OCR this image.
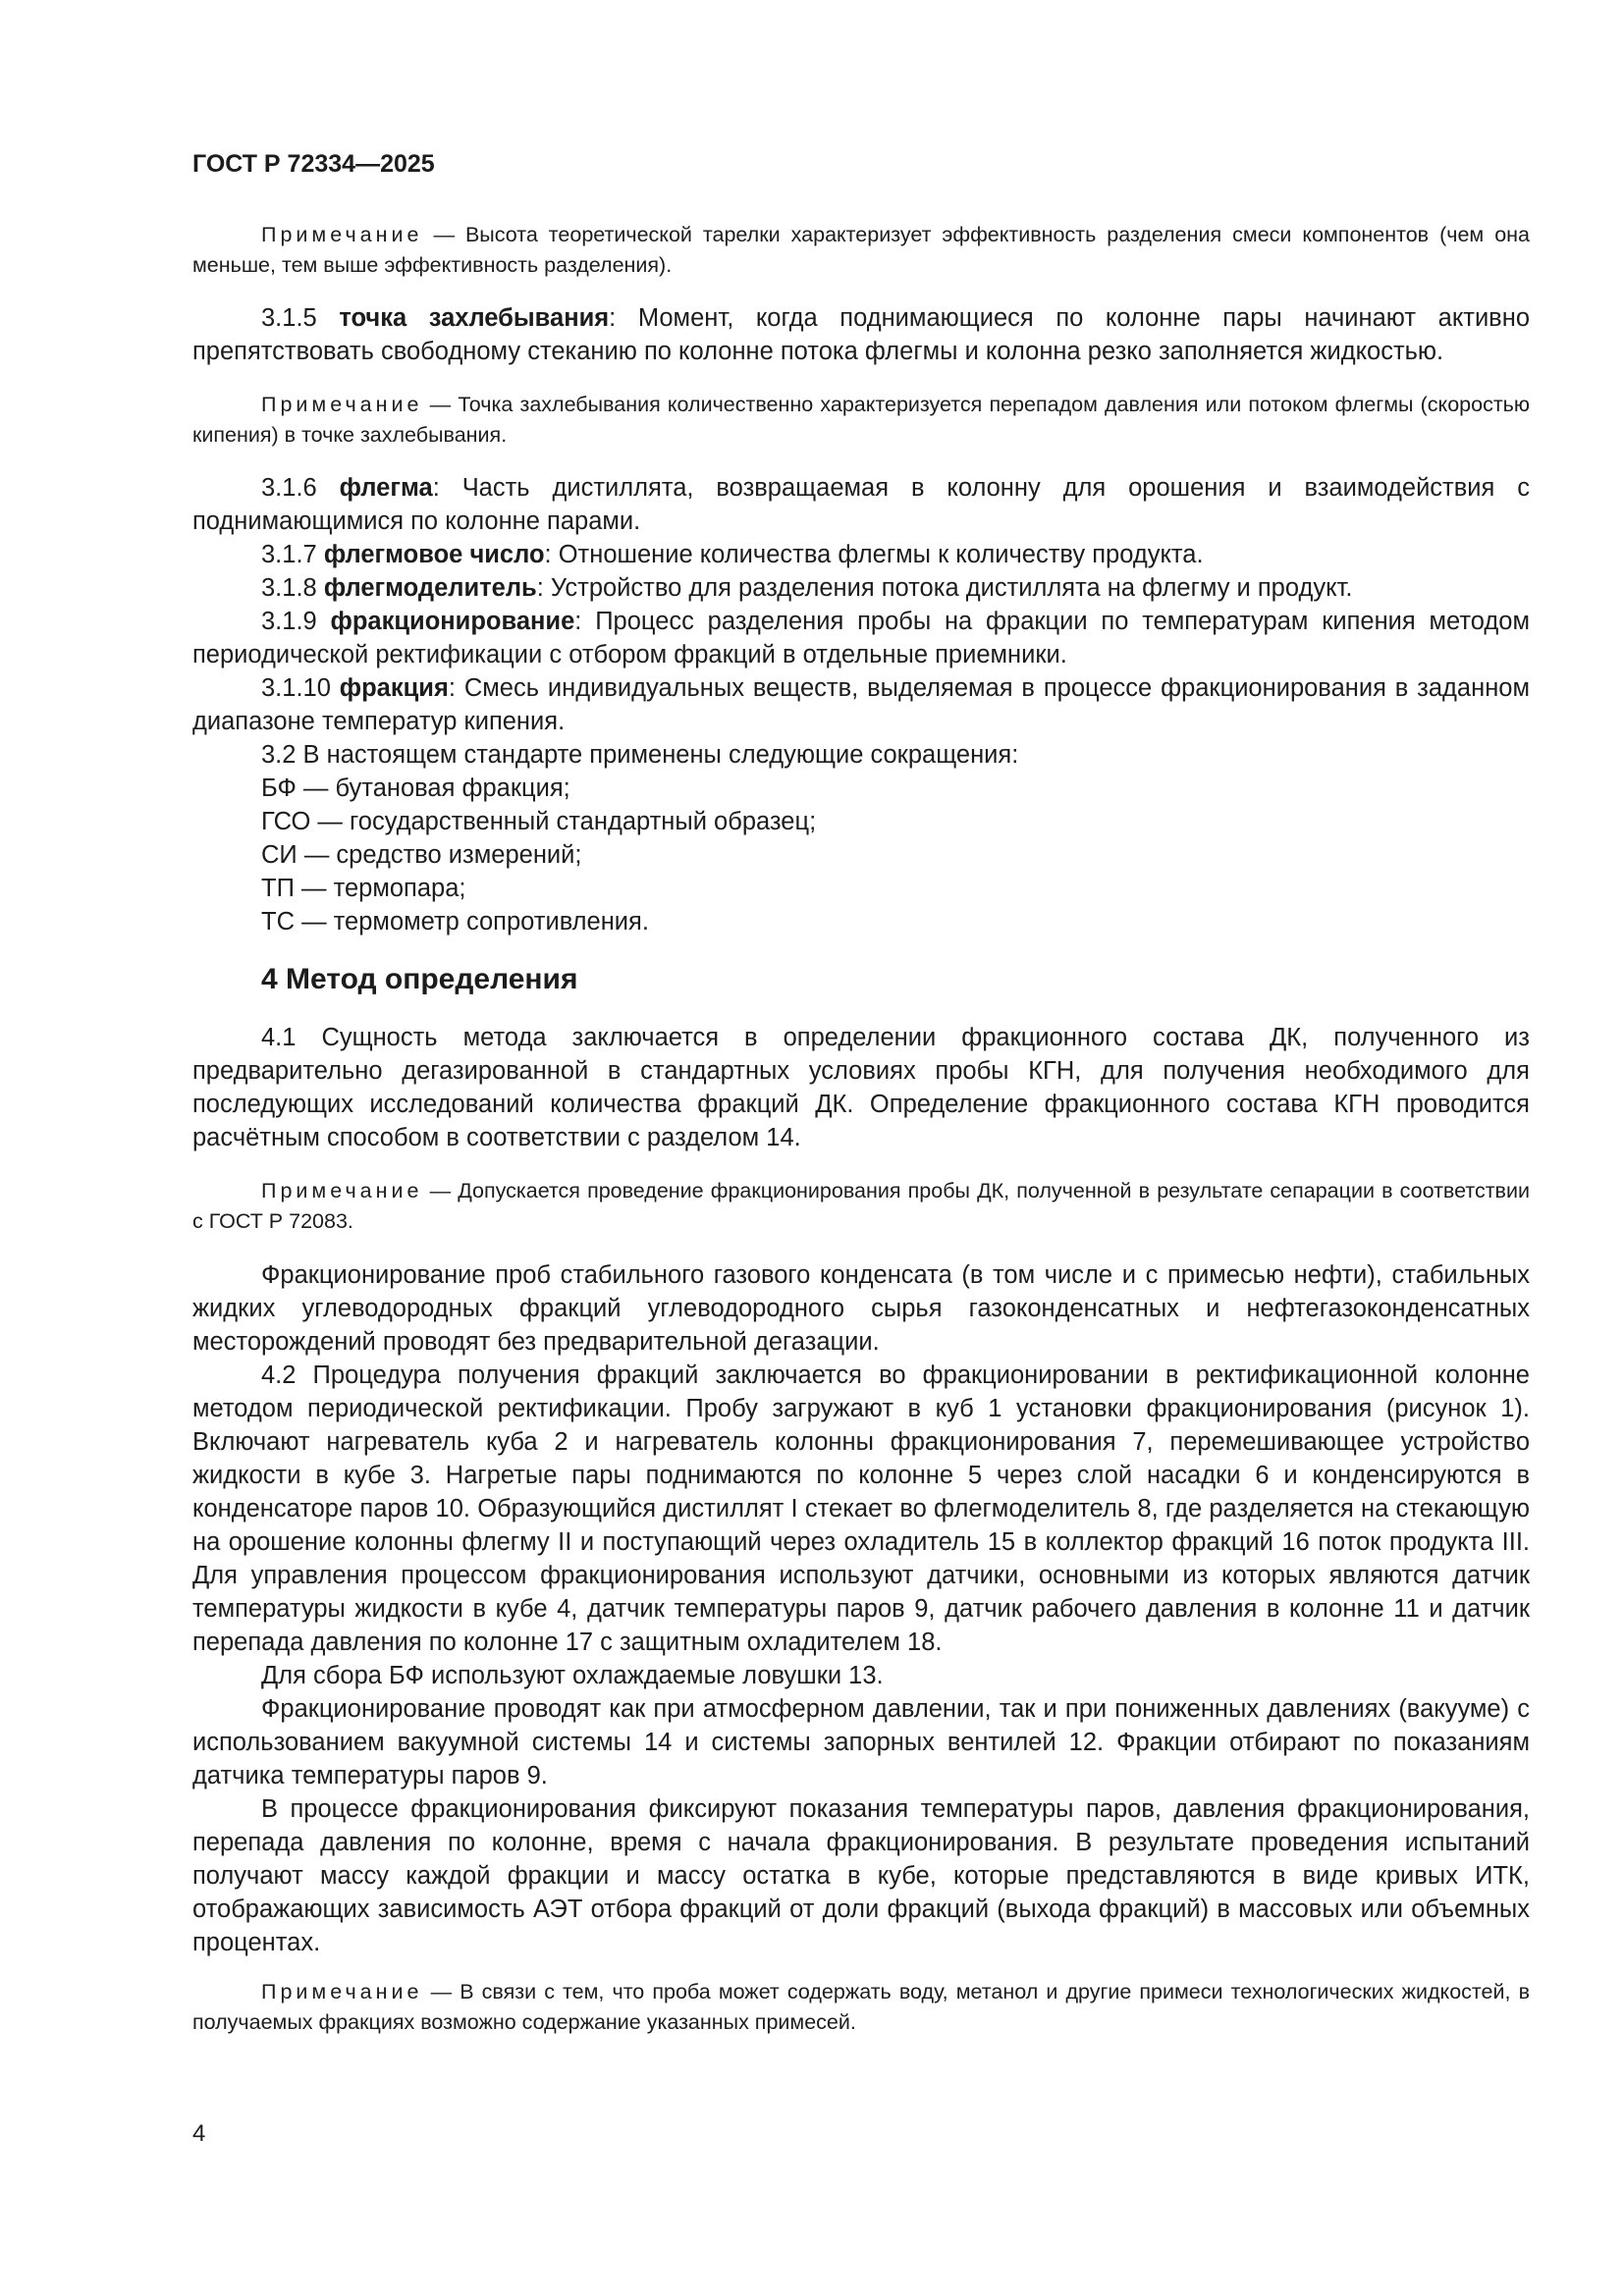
ГОСТ Р 72334—2025

Примечание — Высота теоретической тарелки характеризует эффективность разделения смеси компонентов (чем она меньше, тем выше эффективность разделения).

3.1.5 точка захлебывания: Момент, когда поднимающиеся по колонне пары начинают активно препятствовать свободному стеканию по колонне потока флегмы и колонна резко заполняется жидкостью.

Примечание — Точка захлебывания количественно характеризуется перепадом давления или потоком флегмы (скоростью кипения) в точке захлебывания.

3.1.6 флегма: Часть дистиллята, возвращаемая в колонну для орошения и взаимодействия с поднимающимися по колонне парами.

3.1.7 флегмовое число: Отношение количества флегмы к количеству продукта.

3.1.8 флегмоделитель: Устройство для разделения потока дистиллята на флегму и продукт.

3.1.9 фракционирование: Процесс разделения пробы на фракции по температурам кипения методом периодической ректификации с отбором фракций в отдельные приемники.

3.1.10 фракция: Смесь индивидуальных веществ, выделяемая в процессе фракционирования в заданном диапазоне температур кипения.

3.2 В настоящем стандарте применены следующие сокращения:

БФ — бутановая фракция;

ГСО — государственный стандартный образец;

СИ — средство измерений;

ТП — термопара;

ТС — термометр сопротивления.

4 Метод определения

4.1 Сущность метода заключается в определении фракционного состава ДК, полученного из предварительно дегазированной в стандартных условиях пробы КГН, для получения необходимого для последующих исследований количества фракций ДК. Определение фракционного состава КГН проводится расчётным способом в соответствии с разделом 14.

Примечание — Допускается проведение фракционирования пробы ДК, полученной в результате сепарации в соответствии с ГОСТ Р 72083.

Фракционирование проб стабильного газового конденсата (в том числе и с примесью нефти), стабильных жидких углеводородных фракций углеводородного сырья газоконденсатных и нефтегазоконденсатных месторождений проводят без предварительной дегазации.

4.2 Процедура получения фракций заключается во фракционировании в ректификационной колонне методом периодической ректификации. Пробу загружают в куб 1 установки фракционирования (рисунок 1). Включают нагреватель куба 2 и нагреватель колонны фракционирования 7, перемешивающее устройство жидкости в кубе 3. Нагретые пары поднимаются по колонне 5 через слой насадки 6 и конденсируются в конденсаторе паров 10. Образующийся дистиллят I стекает во флегмоделитель 8, где разделяется на стекающую на орошение колонны флегму II и поступающий через охладитель 15 в коллектор фракций 16 поток продукта III. Для управления процессом фракционирования используют датчики, основными из которых являются датчик температуры жидкости в кубе 4, датчик температуры паров 9, датчик рабочего давления в колонне 11 и датчик перепада давления по колонне 17 с защитным охладителем 18.

Для сбора БФ используют охлаждаемые ловушки 13.

Фракционирование проводят как при атмосферном давлении, так и при пониженных давлениях (вакууме) с использованием вакуумной системы 14 и системы запорных вентилей 12. Фракции отбирают по показаниям датчика температуры паров 9.

В процессе фракционирования фиксируют показания температуры паров, давления фракционирования, перепада давления по колонне, время с начала фракционирования. В результате проведения испытаний получают массу каждой фракции и массу остатка в кубе, которые представляются в виде кривых ИТК, отображающих зависимость АЭТ отбора фракций от доли фракций (выхода фракций) в массовых или объемных процентах.

Примечание — В связи с тем, что проба может содержать воду, метанол и другие примеси технологических жидкостей, в получаемых фракциях возможно содержание указанных примесей.

4
